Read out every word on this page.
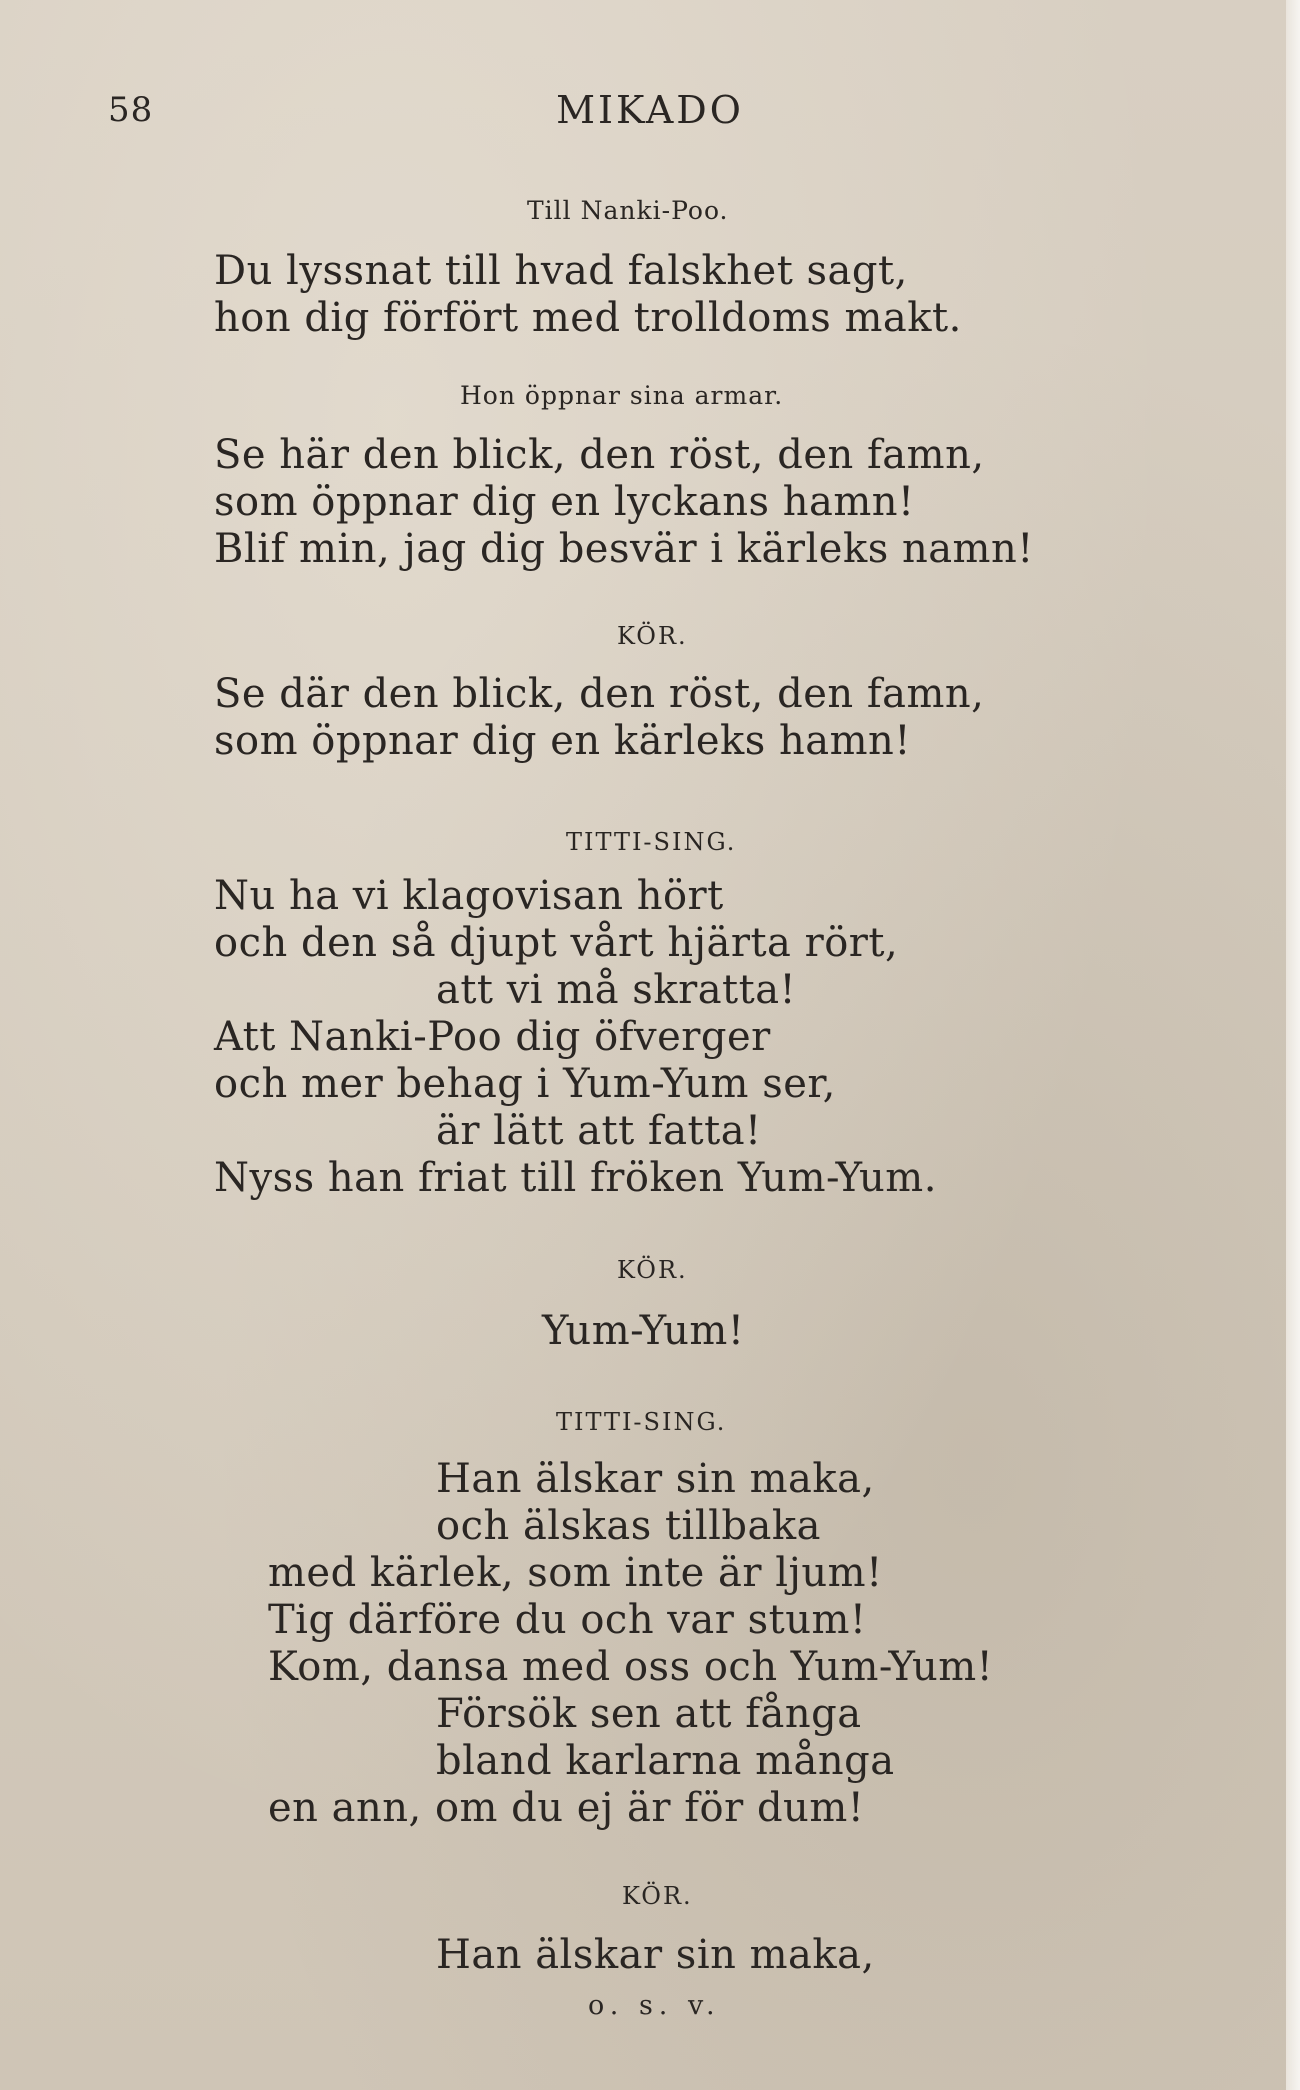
58	MIKADO
Till Nanki-Poo.
Du lyssnat till hvad falskhet sagt,
hon dig förfört med trolldoms makt.
Hon öppnar sina armar.
Se här den blick, den röst, den famn,
som öppnar dig en lyckans hamn!
Blif min, jag dig besvär i kärleks namn!
KÖR.
Se där den blick, den röst, den famn,
som öppnar dig en kärleks hamn!
TITTI-SING.
Nu ha vi klagovisan hört
och den så djupt vårt hjärta rört,
att vi må skratta!
Att Nanki-Poo dig öfverger
och mer behag i Yum-Yum ser,
är lätt att fatta!
Nyss han friat till fröken Yum-Yum.
KÖR.
Yum-Yum!
TITTI-SING.
Han älskar sin maka,
och älskas tillbaka
med kärlek, som inte är ljum!
Tig därföre du och var stum!
Kom, dansa med oss och Yum-Yum!
Försök sen att fånga
bland karlarna många
en ann, om du ej är för dum!
KÖR.
Han älskar sin maka,
o. s. v.
